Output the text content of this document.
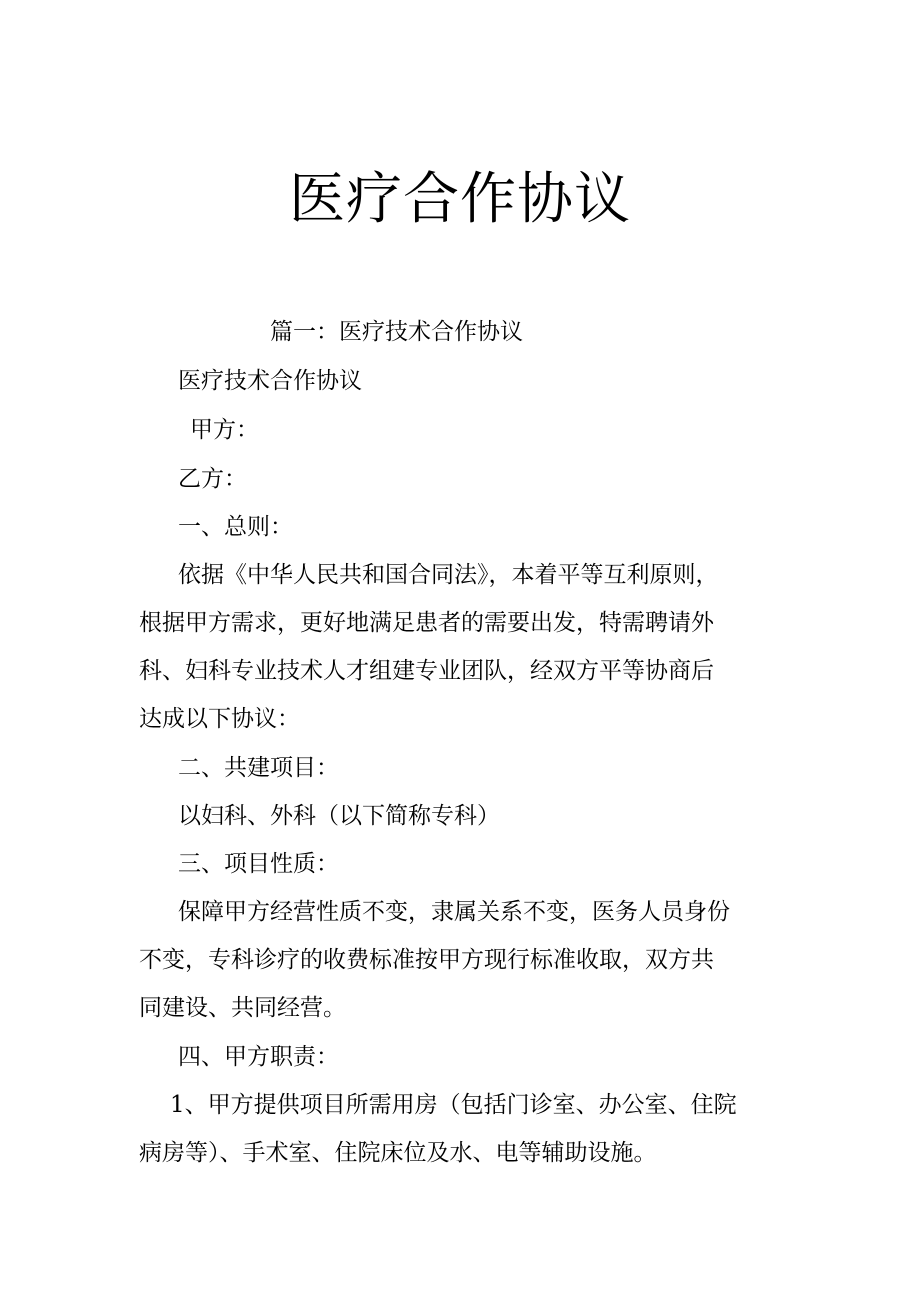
医疗合作协议
篇一：医疗技术合作协议
医疗技术合作协议
甲方：
乙方：
一、总则：
依据《中华人民共和国合同法》，本着平等互利原则，
根据甲方需求，更好地满足患者的需要出发，特需聘请外
科、妇科专业技术人才组建专业团队，经双方平等协商后
达成以下协议：
二、共建项目：
以妇科、外科（以下简称专科）
三、项目性质：
保障甲方经营性质不变，隶属关系不变，医务人员身份
不变，专科诊疗的收费标准按甲方现行标准收取，双方共
同建设、共同经营。
四、甲方职责：
1、甲方提供项目所需用房（包括门诊室、办公室、住院
病房等）、手术室、住院床位及水、电等辅助设施。
